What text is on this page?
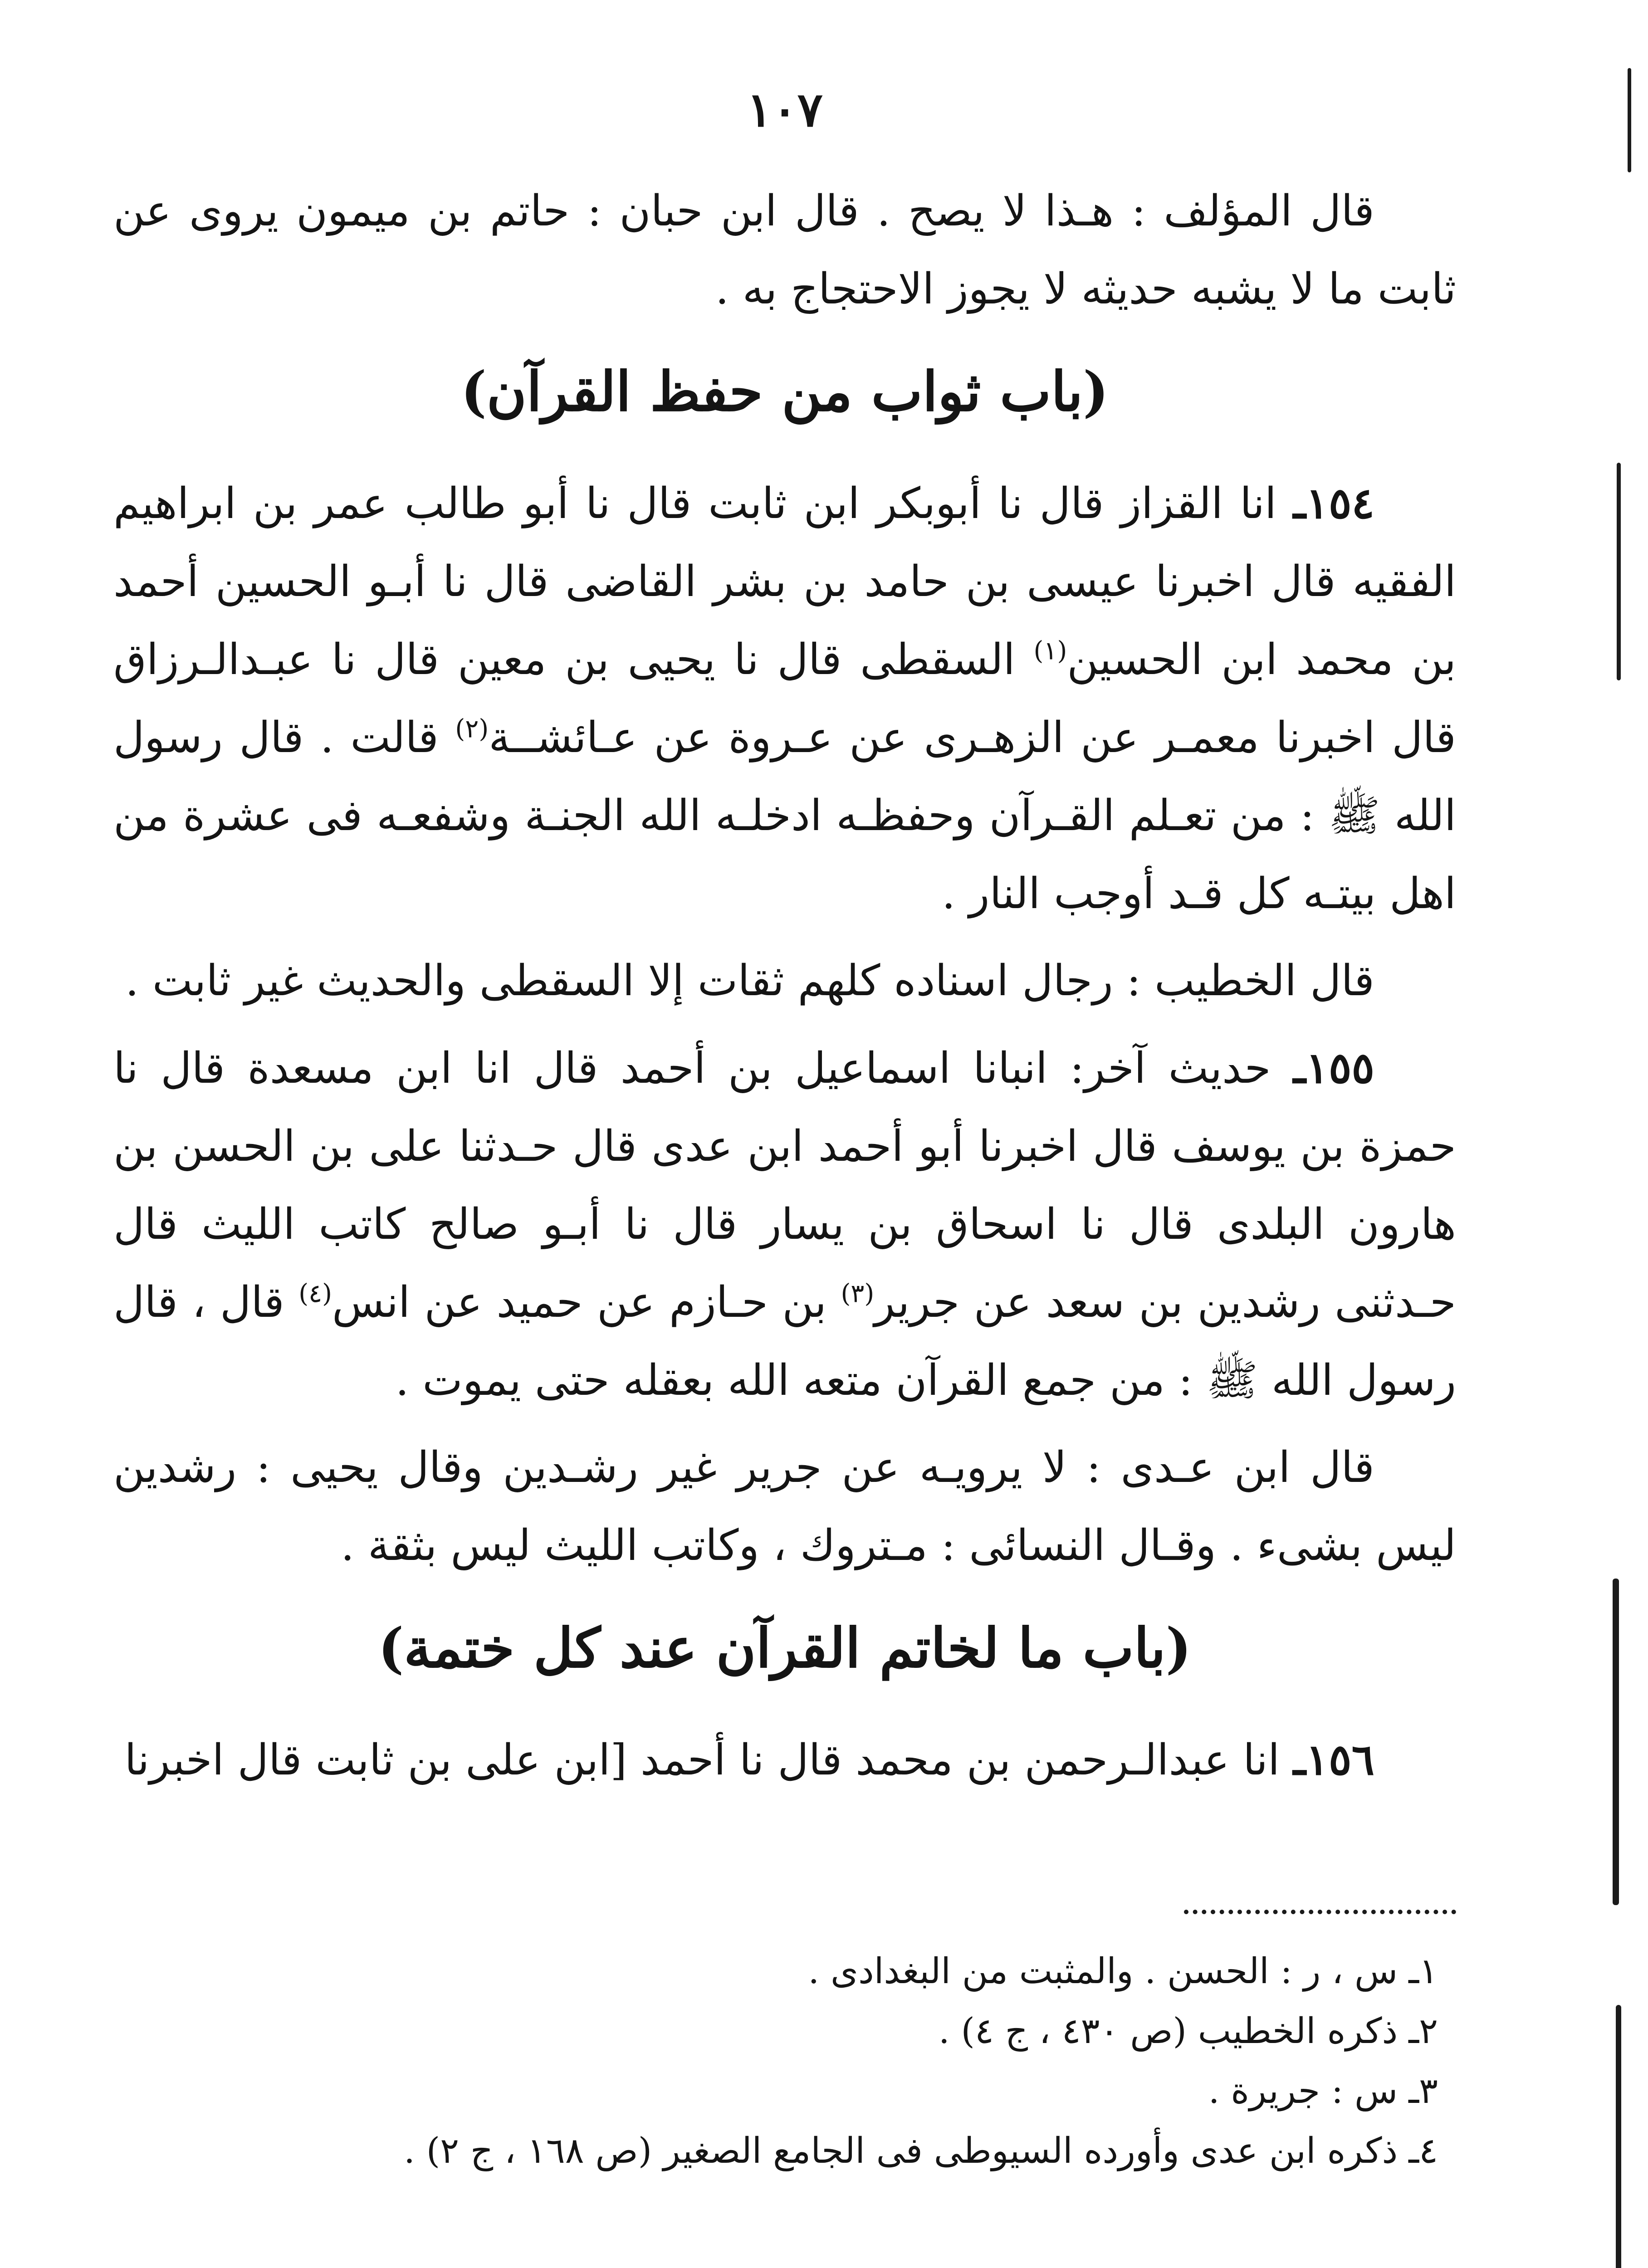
١٠٧

قال المؤلف : هـذا لا يصح . قال ابن حبان : حاتم بن ميمون يروى عن ثابت ما لا يشبه حديثه لا يجوز الاحتجاج به .

(باب ثواب من حفظ القرآن)

١٥٤ـ انا القزاز قال نا أبوبكر ابن ثابت قال نا أبو طالب عمر بن ابراهيم الفقيه قال اخبرنا عيسى بن حامد بن بشر القاضى قال نا أبـو الحسين أحمد بن محمد ابن الحسين$^{(١)}$ السقطى قال نا يحيى بن معين قال نا عبـدالـرزاق قال اخبرنا معمـر عن الزهـرى عن عـروة عن عـائشــة$^{(٢)}$ قالت . قال رسول الله ﷺ : من تعـلم القـرآن وحفظـه ادخلـه الله الجنـة وشفعـه فى عشرة من اهل بيتـه كل قـد أوجب النار .

قال الخطيب : رجال اسناده كلهم ثقات إلا السقطى والحديث غير ثابت .

١٥٥ـ حديث آخر: انبانا اسماعيل بن أحمد قال انا ابن مسعدة قال نا حمزة بن يوسف قال اخبرنا أبو أحمد ابن عدى قال حـدثنا على بن الحسن بن هارون البلدى قال نا اسحاق بن يسار قال نا أبـو صالح كاتب الليث قال حـدثنى رشدين بن سعد عن جرير$^{(٣)}$ بن حـازم عن حميد عن انس$^{(٤)}$ قال ، قال رسول الله ﷺ : من جمع القرآن متعه الله بعقله حتى يموت .

قال ابن عـدى : لا يرويـه عن جرير غير رشـدين وقال يحيى : رشدين ليس بشىء . وقـال النسائى : مـتروك ، وكاتب الليث ليس بثقة .

(باب ما لخاتم القرآن عند كل ختمة)

١٥٦ـ انا عبدالـرحمن بن محمد قال نا أحمد [ابن على بن ثابت قال اخبرنا

١ـس ، ر : الحسن . والمثبت من البغدادى .
٢ـذكره الخطيب (ص ٤٣٠ ، ج ٤) .
٣ـس : جريرة .
٤ـذكره ابن عدى وأورده السيوطى فى الجامع الصغير (ص ١٦٨ ، ج ٢) .
